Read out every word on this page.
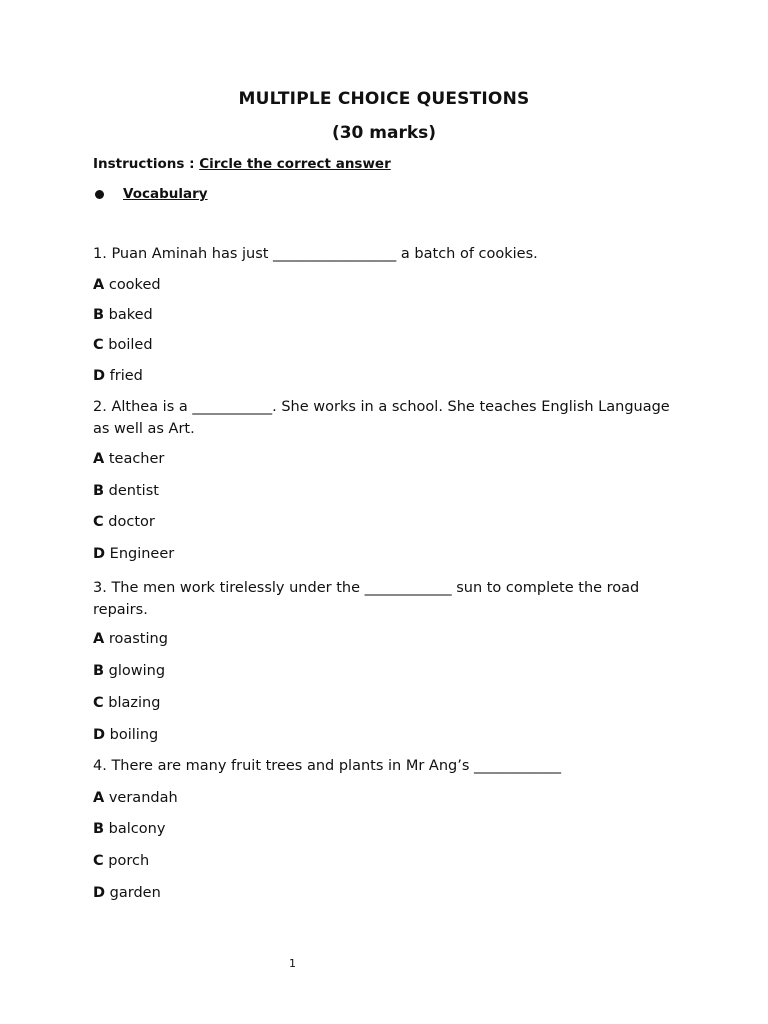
MULTIPLE CHOICE QUESTIONS
(30 marks)
Instructions : Circle the correct answer
Vocabulary
1. Puan Aminah has just _________________ a batch of cookies.
A cooked
B baked
C boiled
D fried
2. Althea is a ___________. She works in a school. She teaches English Language as well as Art.
A teacher
B dentist
C doctor
D Engineer
3. The men work tirelessly under the ____________ sun to complete the road repairs.
A roasting
B glowing
C blazing
D boiling
4. There are many fruit trees and plants in Mr Ang’s ____________
A verandah
B balcony
C porch
D garden
1
